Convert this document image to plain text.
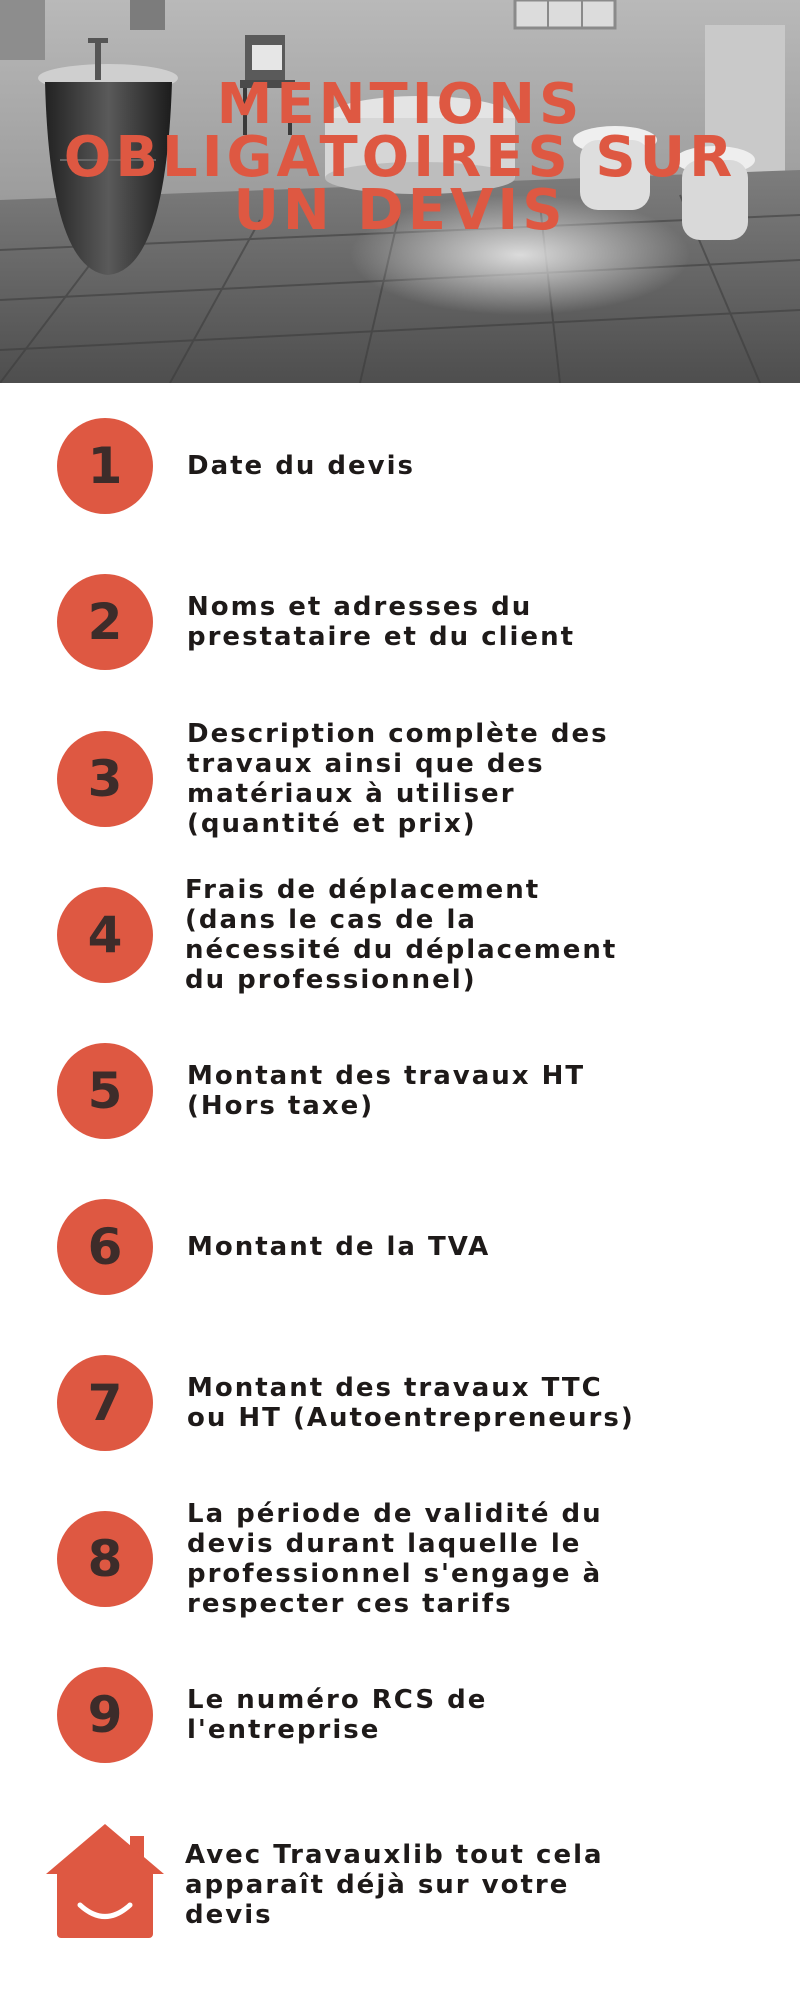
MENTIONS
OBLIGATOIRES SUR
UN DEVIS
1	Date du devis
2	Noms et adresses du
prestataire et du client
3
Description complète des
travaux ainsi que des
matériaux à utiliser
(quantité et prix)
4
Frais de déplacement
(dans le cas de la
nécessité du déplacement
du professionnel)
5	Montant des travaux HT
(Hors taxe)
6	Montant de la TVA
7	Montant des travaux TTC
ou HT (Autoentrepreneurs)
8
La période de validité du
devis durant laquelle le
professionnel s'engage à
respecter ces tarifs
9	Le numéro RCS de
l'entreprise
Avec Travauxlib tout cela
apparaît déjà sur votre
devis
